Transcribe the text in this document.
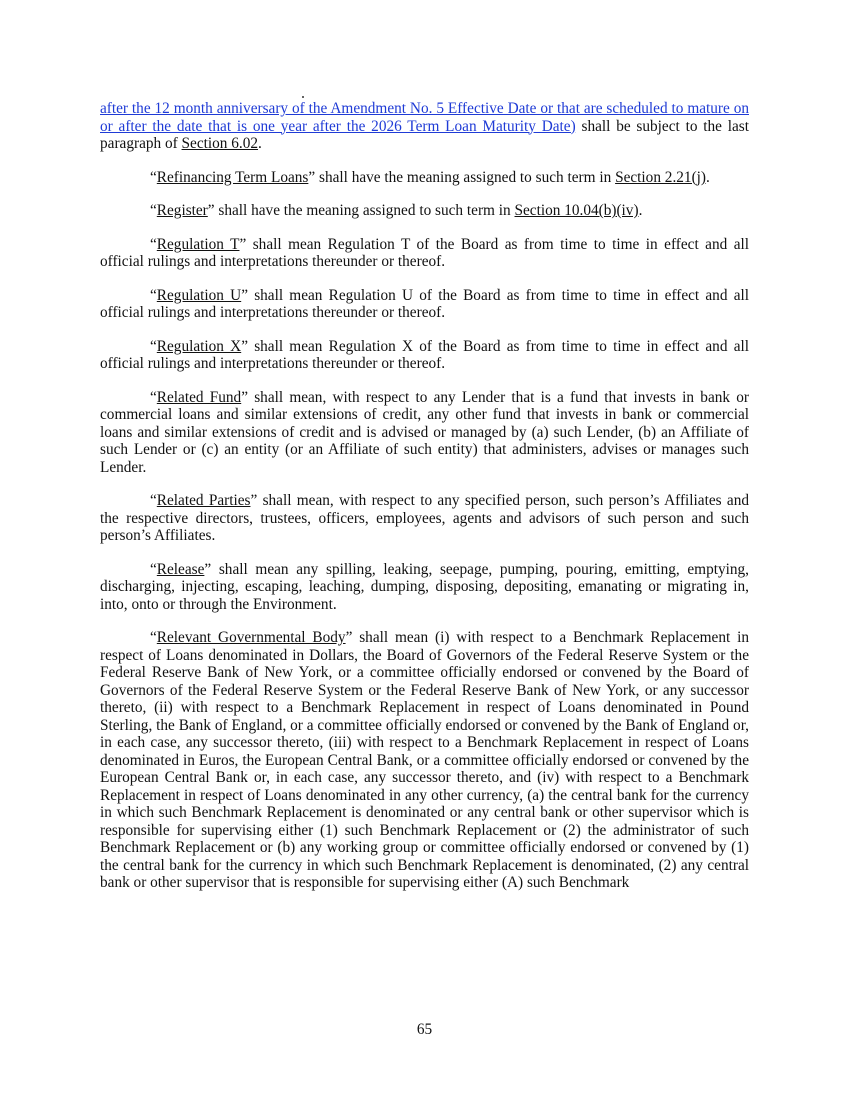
after the 12 month anniversary of the Amendment No. 5 Effective Date or that are scheduled to mature on or after the date that is one year after the 2026 Term Loan Maturity Date) shall be subject to the last paragraph of Section 6.02.

“Refinancing Term Loans” shall have the meaning assigned to such term in Section 2.21(j).

“Register” shall have the meaning assigned to such term in Section 10.04(b)(iv).

“Regulation T” shall mean Regulation T of the Board as from time to time in effect and all official rulings and interpretations thereunder or thereof.

“Regulation U” shall mean Regulation U of the Board as from time to time in effect and all official rulings and interpretations thereunder or thereof.

“Regulation X” shall mean Regulation X of the Board as from time to time in effect and all official rulings and interpretations thereunder or thereof.

“Related Fund” shall mean, with respect to any Lender that is a fund that invests in bank or commercial loans and similar extensions of credit, any other fund that invests in bank or commercial loans and similar extensions of credit and is advised or managed by (a) such Lender, (b) an Affiliate of such Lender or (c) an entity (or an Affiliate of such entity) that administers, advises or manages such Lender.

“Related Parties” shall mean, with respect to any specified person, such person’s Affiliates and the respective directors, trustees, officers, employees, agents and advisors of such person and such person’s Affiliates.

“Release” shall mean any spilling, leaking, seepage, pumping, pouring, emitting, emptying, discharging, injecting, escaping, leaching, dumping, disposing, depositing, emanating or migrating in, into, onto or through the Environment.

“Relevant Governmental Body” shall mean (i) with respect to a Benchmark Replacement in respect of Loans denominated in Dollars, the Board of Governors of the Federal Reserve System or the Federal Reserve Bank of New York, or a committee officially endorsed or convened by the Board of Governors of the Federal Reserve System or the Federal Reserve Bank of New York, or any successor thereto, (ii) with respect to a Benchmark Replacement in respect of Loans denominated in Pound Sterling, the Bank of England, or a committee officially endorsed or convened by the Bank of England or, in each case, any successor thereto, (iii) with respect to a Benchmark Replacement in respect of Loans denominated in Euros, the European Central Bank, or a committee officially endorsed or convened by the European Central Bank or, in each case, any successor thereto, and (iv) with respect to a Benchmark Replacement in respect of Loans denominated in any other currency, (a) the central bank for the currency in which such Benchmark Replacement is denominated or any central bank or other supervisor which is responsible for supervising either (1) such Benchmark Replacement or (2) the administrator of such Benchmark Replacement or (b) any working group or committee officially endorsed or convened by (1) the central bank for the currency in which such Benchmark Replacement is denominated, (2) any central bank or other supervisor that is responsible for supervising either (A) such Benchmark

65
